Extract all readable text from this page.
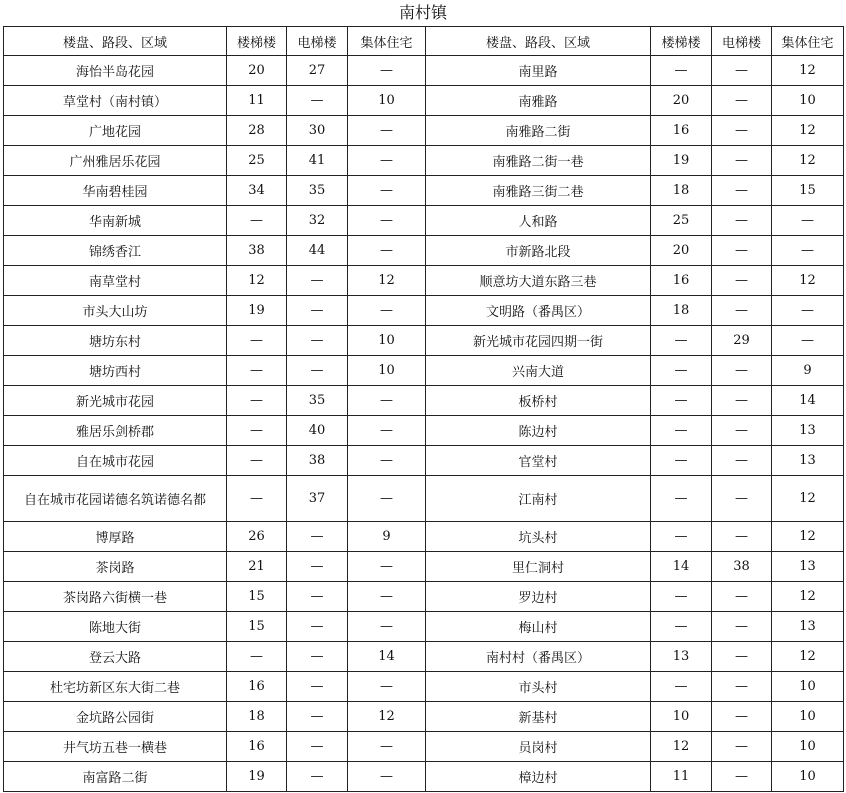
南村镇
楼盘、路段、区域	楼梯楼	电梯楼	集体住宅	楼盘、路段、区域	楼梯楼	电梯楼	集体住宅
海怡半岛花园	20	27	—	南里路	—	—	12
草堂村（南村镇）	11	—	10	南雅路	20	—	10
广地花园	28	30	—	南雅路二街	16	—	12
广州雅居乐花园	25	41	—	南雅路二街一巷	19	—	12
华南碧桂园	34	35	—	南雅路三街二巷	18	—	15
华南新城	—	32	—	人和路	25	—	—
锦绣香江	38	44	—	市新路北段	20	—	—
南草堂村	12	—	12	顺意坊大道东路三巷	16	—	12
市头大山坊	19	—	—	文明路（番禺区）	18	—	—
塘坊东村	—	—	10	新光城市花园四期一街	—	29	—
塘坊西村	—	—	10	兴南大道	—	—	9
新光城市花园	—	35	—	板桥村	—	—	14
雅居乐剑桥郡	—	40	—	陈边村	—	—	13
自在城市花园	—	38	—	官堂村	—	—	13
自在城市花园诺德名筑诺德名都	—	37	—	江南村	—	—	12
博厚路	26	—	9	坑头村	—	—	12
茶岗路	21	—	—	里仁洞村	14	38	13
茶岗路六街横一巷	15	—	—	罗边村	—	—	12
陈地大街	15	—	—	梅山村	—	—	13
登云大路	—	—	14	南村村（番禺区）	13	—	12
杜宅坊新区东大街二巷	16	—	—	市头村	—	—	10
金坑路公园街	18	—	12	新基村	10	—	10
井气坊五巷一横巷	16	—	—	员岗村	12	—	10
南富路二街	19	—	—	樟边村	11	—	10
